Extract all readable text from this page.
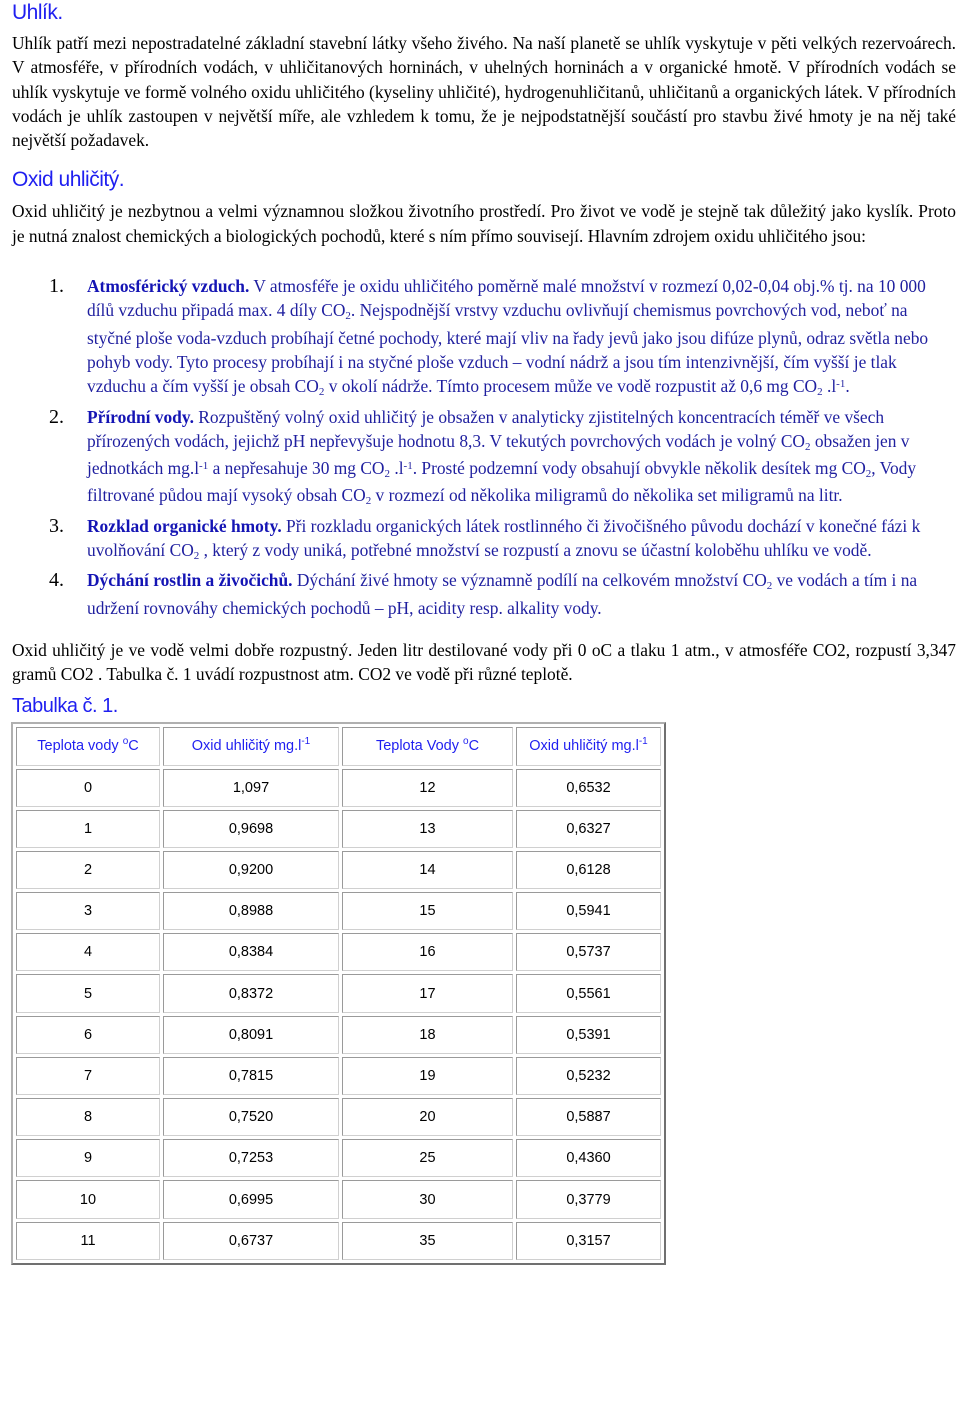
Uhlík.

Uhlík patří mezi nepostradatelné základní stavební látky všeho živého. Na naší planetě se uhlík vyskytuje v pěti velkých rezervoárech. V atmosféře, v přírodních vodách, v uhličitanových horninách, v uhelných horninách a v organické hmotě. V přírodních vodách se uhlík vyskytuje ve formě volného oxidu uhličitého (kyseliny uhličité), hydrogenuhličitanů, uhličitanů a organických látek. V přírodních vodách je uhlík zastoupen v největší míře, ale vzhledem k tomu, že je nejpodstatnější součástí pro stavbu živé hmoty je na něj také největší požadavek.

Oxid uhličitý.

Oxid uhličitý je nezbytnou a velmi významnou složkou životního prostředí. Pro život ve vodě je stejně tak důležitý jako kyslík. Proto je nutná znalost chemických a biologických pochodů, které s ním přímo souvisejí. Hlavním zdrojem oxidu uhličitého jsou:

1. Atmosférický vzduch. V atmosféře je oxidu uhličitého poměrně malé množství v rozmezí 0,02-0,04 obj.% tj. na 10 000 dílů vzduchu připadá max. 4 díly CO2. Nejspodnější vrstvy vzduchu ovlivňují chemismus povrchových vod, neboť na styčné ploše voda-vzduch probíhají četné pochody, které mají vliv na řady jevů jako jsou difúze plynů, odraz světla nebo pohyb vody. Tyto procesy probíhají i na styčné ploše vzduch – vodní nádrž a jsou tím intenzivnější, čím vyšší je tlak vzduchu a čím vyšší je obsah CO2 v okolí nádrže. Tímto procesem může ve vodě rozpustit až 0,6 mg CO2 $.l^{-1}$.
2. Přírodní vody. Rozpuštěný volný oxid uhličitý je obsažen v analyticky zjistitelných koncentracích téměř ve všech přírozených vodách, jejichž pH nepřevyšuje hodnotu 8,3. V tekutých povrchových vodách je volný CO2 obsažen jen v jednotkách $mg.l^{-1}$ a nepřesahuje 30 mg CO2 $.l^{-1}$. Prosté podzemní vody obsahují obvykle několik desítek mg CO2, Vody filtrované půdou mají vysoký obsah CO2 v rozmezí od několika miligramů do několika set miligramů na litr.
3. Rozklad organické hmoty. Při rozkladu organických látek rostlinného či živočišného původu dochází v konečné fázi k uvolňování CO2 , který z vody uniká, potřebné množství se rozpustí a znovu se účastní koloběhu uhlíku ve vodě.
4. Dýchání rostlin a živočichů. Dýchání živé hmoty se významně podílí na celkovém množství CO2 ve vodách a tím i na udržení rovnováhy chemických pochodů – pH, acidity resp. alkality vody.

Oxid uhličitý je ve vodě velmi dobře rozpustný. Jeden litr destilované vody při 0 oC a tlaku 1 atm., v atmosféře CO2, rozpustí 3,347 gramů CO2 . Tabulka č. 1 uvádí rozpustnost atm. CO2 ve vodě při různé teplotě.

Tabulka č. 1.
Teplota vody $^o$C	Oxid uhličitý $mg.l^{-1}$	Teplota Vody $^o$C	Oxid uhličitý $mg.l^{-1}$
0	1,097	12	0,6532
1	0,9698	13	0,6327
2	0,9200	14	0,6128
3	0,8988	15	0,5941
4	0,8384	16	0,5737
5	0,8372	17	0,5561
6	0,8091	18	0,5391
7	0,7815	19	0,5232
8	0,7520	20	0,5887
9	0,7253	25	0,4360
10	0,6995	30	0,3779
11	0,6737	35	0,3157
